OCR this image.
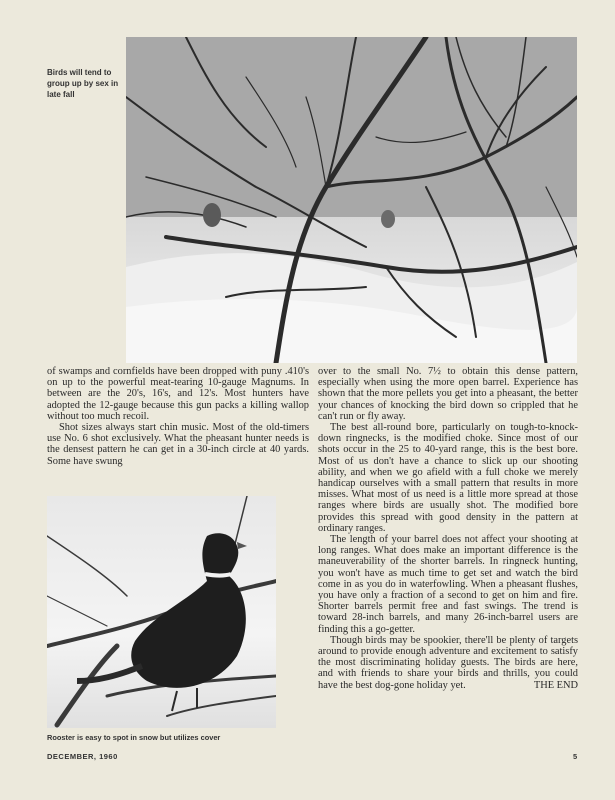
Birds will tend to group up by sex in late fall

of swamps and cornfields have been dropped with puny .410's on up to the powerful meat-tearing 10-gauge Magnums. In between are the 20's, 16's, and 12's. Most hunters have adopted the 12-gauge because this gun packs a killing wallop without too much recoil.

Shot sizes always start chin music. Most of the old-timers use No. 6 shot exclusively. What the pheasant hunter needs is the densest pattern he can get in a 30-inch circle at 40 yards. Some have swung

Rooster is easy to spot in snow but utilizes cover

over to the small No. 7½ to obtain this dense pattern, especially when using the more open barrel. Experience has shown that the more pellets you get into a pheasant, the better your chances of knocking the bird down so crippled that he can't run or fly away.

The best all-round bore, particularly on tough-to-knock-down ringnecks, is the modified choke. Since most of our shots occur in the 25 to 40-yard range, this is the best bore. Most of us don't have a chance to slick up our shooting ability, and when we go afield with a full choke we merely handicap ourselves with a small pattern that results in more misses. What most of us need is a little more spread at those ranges where birds are usually shot. The modified bore provides this spread with good density in the pattern at ordinary ranges.

The length of your barrel does not affect your shooting at long ranges. What does make an important difference is the maneuverability of the shorter barrels. In ringneck hunting, you won't have as much time to get set and watch the bird come in as you do in waterfowling. When a pheasant flushes, you have only a fraction of a second to get on him and fire. Shorter barrels permit free and fast swings. The trend is toward 28-inch barrels, and many 26-inch-barrel users are finding this a go-getter.

Though birds may be spookier, there'll be plenty of targets around to provide enough adventure and excitement to satisfy the most discriminating holiday guests. The birds are here, and with friends to share your birds and thrills, you could have the best dog-gone holiday yet.	THE END

DECEMBER, 1960	5
